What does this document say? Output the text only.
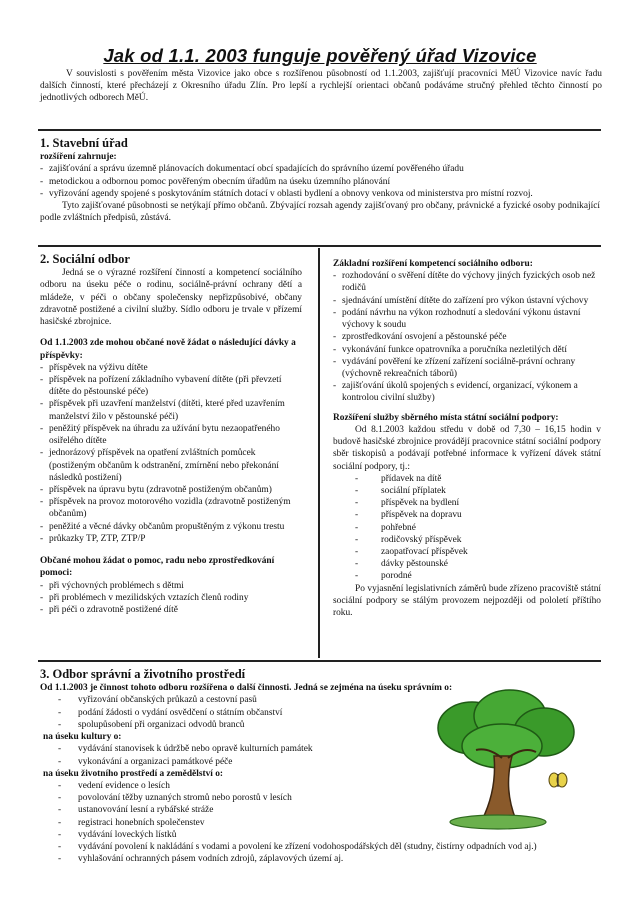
Jak od 1.1. 2003 funguje pověřený úřad Vizovice
V souvislosti s pověřením města Vizovice jako obce s rozšířenou působností od 1.1.2003, zajišťují pracovníci MěÚ Vizovice navíc řadu dalších činností, které přecházejí z Okresního úřadu Zlín. Pro lepší a rychlejší orientaci občanů podáváme stručný přehled těchto činností po jednotlivých odborech MěÚ.
1. Stavební úřad
rozšíření zahrnuje:
- zajišťování a správu územně plánovacích dokumentací obcí spadajících do správního území pověřeného úřadu
- metodickou a odbornou pomoc pověřeným obecním úřadům na úseku územního plánování
- vyřizování agendy spojené s poskytováním státních dotací v oblasti bydlení a obnovy venkova od ministerstva pro místní rozvoj.
Tyto zajišťované působnosti se netýkají přímo občanů. Zbývající rozsah agendy zajišťovaný pro občany, právnické a fyzické osoby podnikající podle zvláštních předpisů, zůstává.
2. Sociální odbor
Jedná se o výrazné rozšíření činností a kompetencí sociálního odboru na úseku péče o rodinu, sociálně-právní ochrany dětí a mládeže, v péči o občany společensky nepřizpůsobivé, občany zdravotně postižené a civilní služby. Sídlo odboru je trvale v přízemí hasičské zbrojnice.
Od 1.1.2003 zde mohou občané nově žádat o následující dávky a příspěvky:
- příspěvek na výživu dítěte
- příspěvek na pořízení základního vybavení dítěte (při převzetí dítěte do pěstounské péče)
- příspěvek při uzavření manželství (dítěti, které před uzavřením manželství žilo v pěstounské péči)
- peněžitý příspěvek na úhradu za užívání bytu nezaopatřeného osiřelého dítěte
- jednorázový příspěvek na opatření zvláštních pomůcek (postiženým občanům k odstranění, zmírnění nebo překonání následků postižení)
- příspěvek na úpravu bytu (zdravotně postiženým občanům)
- příspěvek na provoz motorového vozidla (zdravotně postiženým občanům)
- peněžité a věcné dávky občanům propuštěným z výkonu trestu
- průkazky TP, ZTP, ZTP/P
Občané mohou žádat o pomoc, radu nebo zprostředkování pomoci:
- při výchovných problémech s dětmi
- při problémech v mezilidských vztazích členů rodiny
- při péči o zdravotně postižené dítě
Základní rozšíření kompetencí sociálního odboru:
- rozhodování o svěření dítěte do výchovy jiných fyzických osob než rodičů
- sjednávání umístění dítěte do zařízení pro výkon ústavní výchovy
- podání návrhu na výkon rozhodnutí a sledování výkonu ústavní výchovy k soudu
- zprostředkování osvojení a pěstounské péče
- vykonávání funkce opatrovníka a poručníka nezletilých dětí
- vydávání pověření ke zřízení zařízení sociálně-právní ochrany (výchovně rekreačních táborů)
- zajišťování úkolů spojených s evidencí, organizací, výkonem a kontrolou civilní služby)
Rozšíření služby sběrného místa státní sociální podpory:
Od 8.1.2003 každou středu v době od 7,30 – 16,15 hodin v budově hasičské zbrojnice provádějí pracovnice státní sociální podpory sběr tiskopisů a podávají potřebné informace k vyřízení dávek státní sociální podpory, tj.:
- přídavek na dítě
- sociální příplatek
- příspěvek na bydlení
- příspěvek na dopravu
- pohřebné
- rodičovský příspěvek
- zaopatřovací příspěvek
- dávky pěstounské
- porodné
Po vyjasnění legislativních záměrů bude zřízeno pracoviště státní sociální podpory se stálým provozem nejpozději od pololetí příštího roku.
3. Odbor správní a životního prostředí
Od 1.1.2003 je činnost tohoto odboru rozšířena o další činnosti. Jedná se zejména na úseku správním o:
- vyřizování občanských průkazů a cestovní pasů
- podání žádosti o vydání osvědčení o státním občanství
- spolupůsobení při organizaci odvodů branců
na úseku kultury o:
- vydávání stanovisek k údržbě nebo opravě kulturních památek
- vykonávání a organizaci památkové péče
na úseku životního prostředí a zemědělství o:
- vedení evidence o lesích
- povolování těžby uznaných stromů nebo porostů v lesích
- ustanovování lesní a rybářské stráže
- registraci honebních společenstev
- vydávání loveckých lístků
- vydávání povolení k nakládání s vodami a povolení ke zřízení vodohospodářských děl (studny, čistírny odpadních vod aj.)
- vyhlašování ochranných pásem vodních zdrojů, záplavových území aj.
